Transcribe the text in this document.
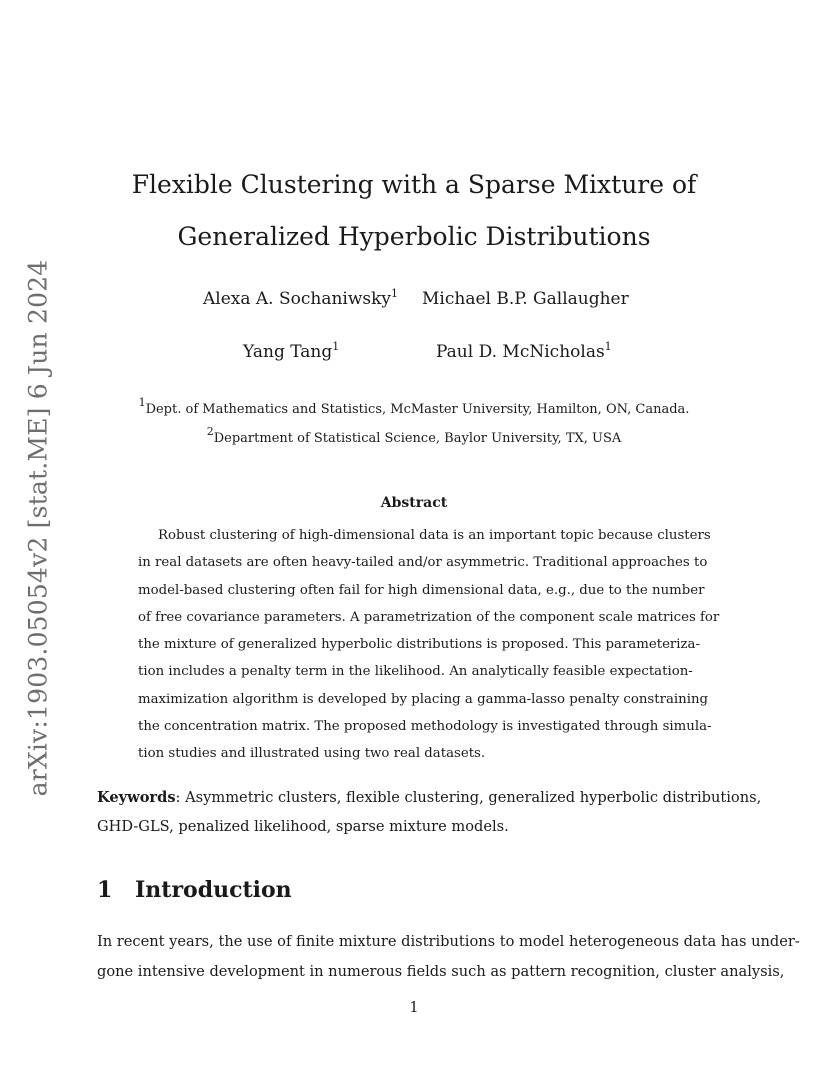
arXiv:1903.05054v2 [stat.ME] 6 Jun 2024
Flexible Clustering with a Sparse Mixture of
Generalized Hyperbolic Distributions
Alexa A. Sochaniwsky$^1$ Michael B.P. Gallaugher
Yang Tang$^1$	Paul D. McNicholas$^1$
$^1$Dept. of Mathematics and Statistics, McMaster University, Hamilton, ON, Canada.
$^2$Department of Statistical Science, Baylor University, TX, USA
Abstract
Robust clustering of high-dimensional data is an important topic because clusters
in real datasets are often heavy-tailed and/or asymmetric. Traditional approaches to
model-based clustering often fail for high dimensional data, e.g., due to the number
of free covariance parameters. A parametrization of the component scale matrices for
the mixture of generalized hyperbolic distributions is proposed. This parameteriza-
tion includes a penalty term in the likelihood. An analytically feasible expectation-
maximization algorithm is developed by placing a gamma-lasso penalty constraining
the concentration matrix. The proposed methodology is investigated through simula-
tion studies and illustrated using two real datasets.
Keywords: Asymmetric clusters, flexible clustering, generalized hyperbolic distributions,
GHD-GLS, penalized likelihood, sparse mixture models.
1 Introduction
In recent years, the use of finite mixture distributions to model heterogeneous data has under-
gone intensive development in numerous fields such as pattern recognition, cluster analysis,
1
